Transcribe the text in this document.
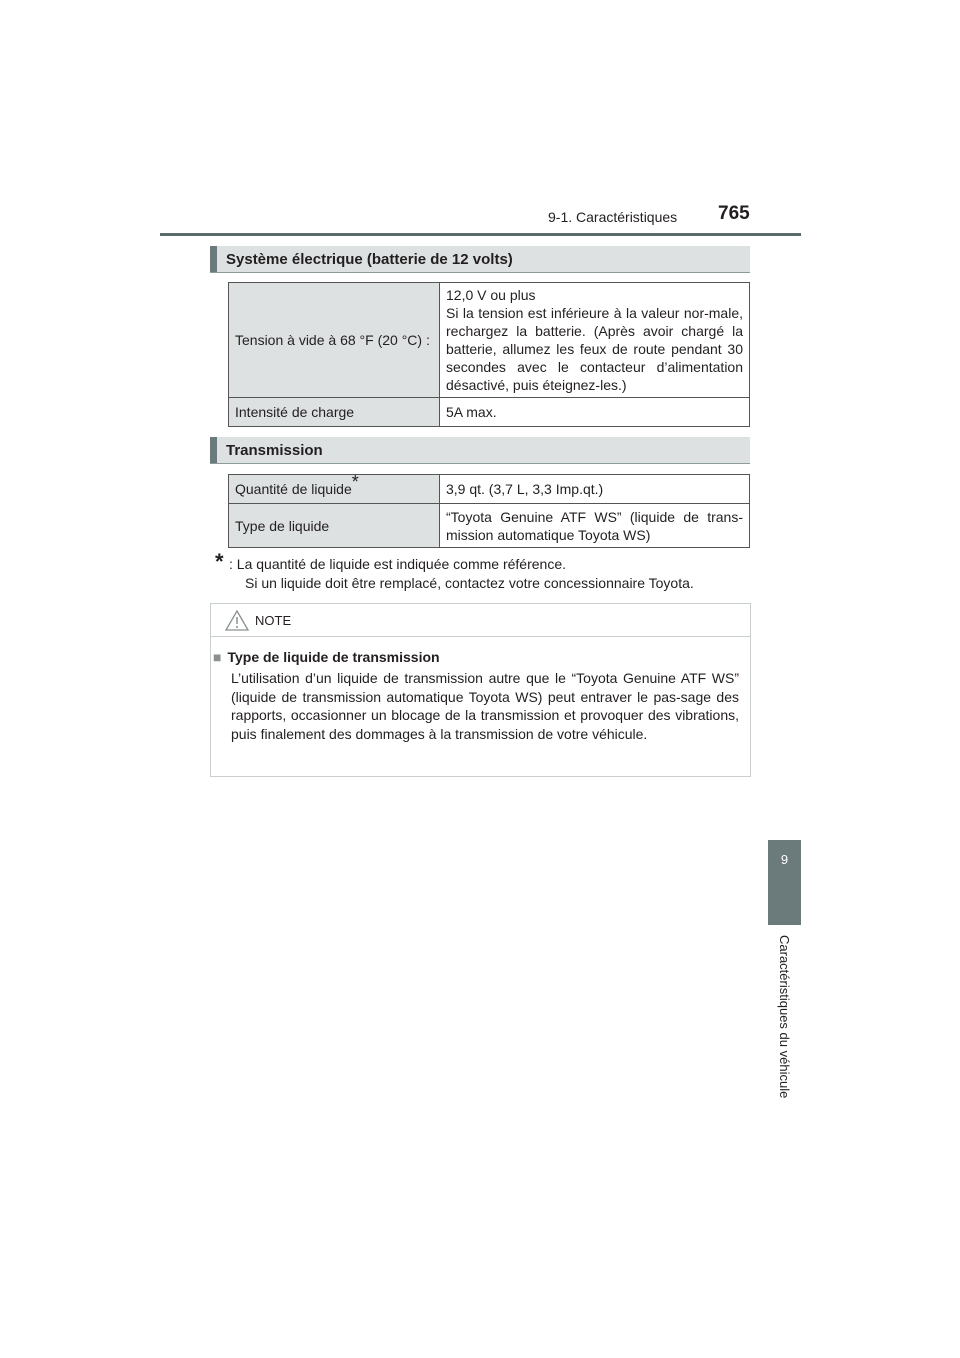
9-1. Caractéristiques 765
9
Caractéristiques du véhicule
Système électrique (batterie de 12 volts)
Tension à vide à 68 °F (20 °C) :	12,0 V ou plus
Si la tension est inférieure à la valeur nor-male, rechargez la batterie. (Après avoir chargé la batterie, allumez les feux de route pendant 30 secondes avec le contacteur d’alimentation désactivé, puis éteignez-les.)

Intensité de charge	5A max.
Transmission
Quantité de liquide*	3,9 qt. (3,7 L, 3,3 Imp.qt.)
Type de liquide	“Toyota Genuine ATF WS” (liquide de trans-mission automatique Toyota WS)
* : La quantité de liquide est indiquée comme référence.
Si un liquide doit être remplacé, contactez votre concessionnaire Toyota.
NOTE
■ Type de liquide de transmission
L’utilisation d’un liquide de transmission autre que le “Toyota Genuine ATF WS” (liquide de transmission automatique Toyota WS) peut entraver le pas-sage des rapports, occasionner un blocage de la transmission et provoquer des vibrations, puis finalement des dommages à la transmission de votre véhicule.
